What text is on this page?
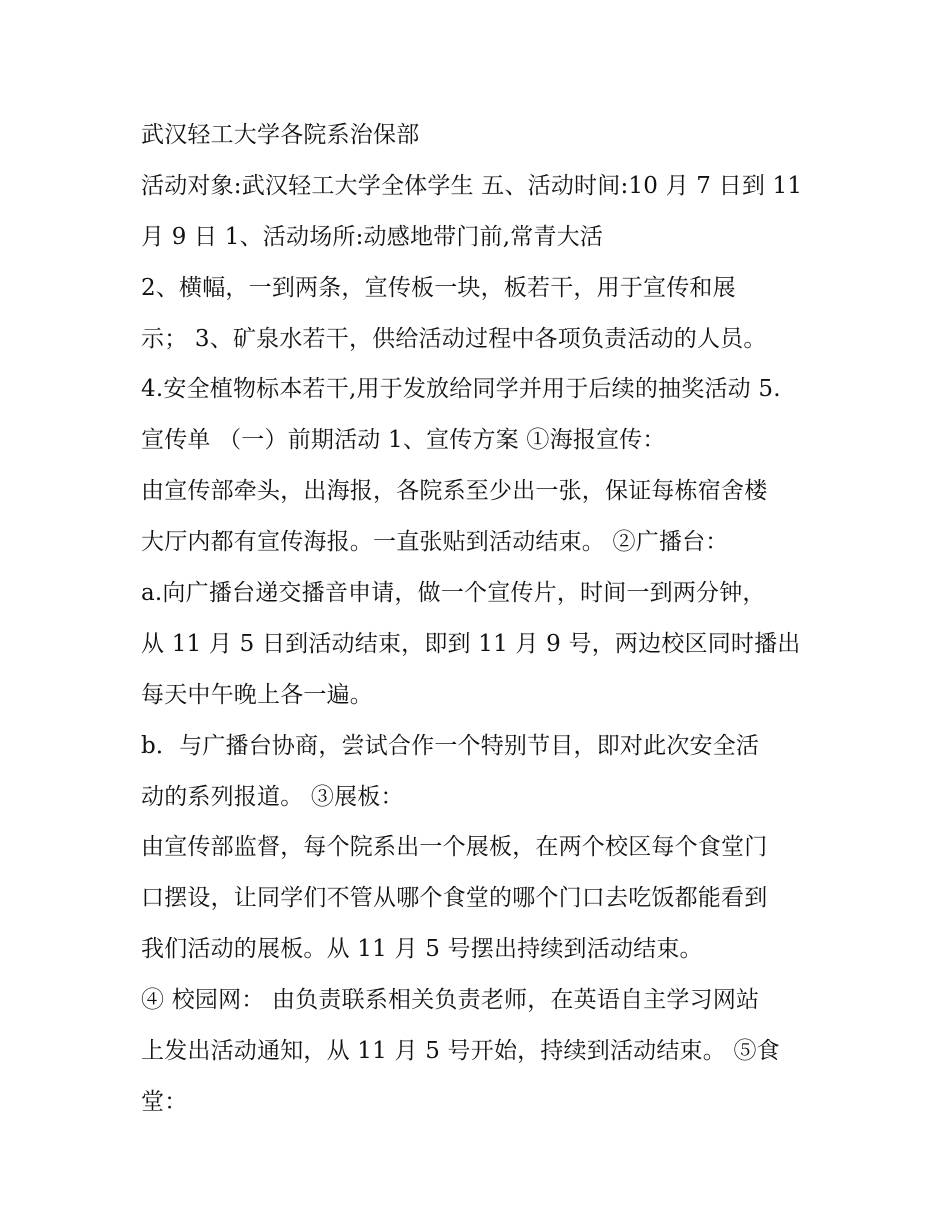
武汉轻工大学各院系治保部
活动对象:武汉轻工大学全体学生 五、活动时间:10 月 7 日到 11
月 9 日 1、活动场所:动感地带门前,常青大活
2、横幅，一到两条，宣传板一块，板若干，用于宣传和展
示； 3、矿泉水若干，供给活动过程中各项负责活动的人员。
4.安全植物标本若干,用于发放给同学并用于后续的抽奖活动 5.
宣传单 （一）前期活动 1、宣传方案 ①海报宣传：
由宣传部牵头，出海报，各院系至少出一张，保证每栋宿舍楼
大厅内都有宣传海报。一直张贴到活动结束。 ②广播台：
a.向广播台递交播音申请，做一个宣传片，时间一到两分钟，
从 11 月 5 日到活动结束，即到 11 月 9 号，两边校区同时播出
每天中午晚上各一遍。
b．与广播台协商，尝试合作一个特别节目，即对此次安全活
动的系列报道。 ③展板：
由宣传部监督，每个院系出一个展板，在两个校区每个食堂门
口摆设，让同学们不管从哪个食堂的哪个门口去吃饭都能看到
我们活动的展板。从 11 月 5 号摆出持续到活动结束。
④ 校园网： 由负责联系相关负责老师，在英语自主学习网站
上发出活动通知，从 11 月 5 号开始，持续到活动结束。 ⑤食
堂：
